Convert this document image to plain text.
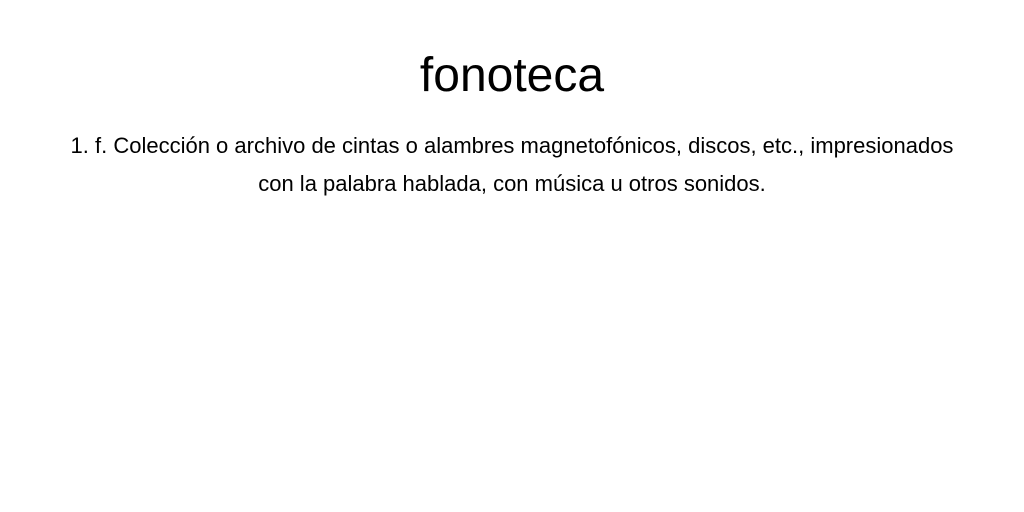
fonoteca

1. f. Colección o archivo de cintas o alambres magnetofónicos, discos, etc., impresionados con la palabra hablada, con música u otros sonidos.
